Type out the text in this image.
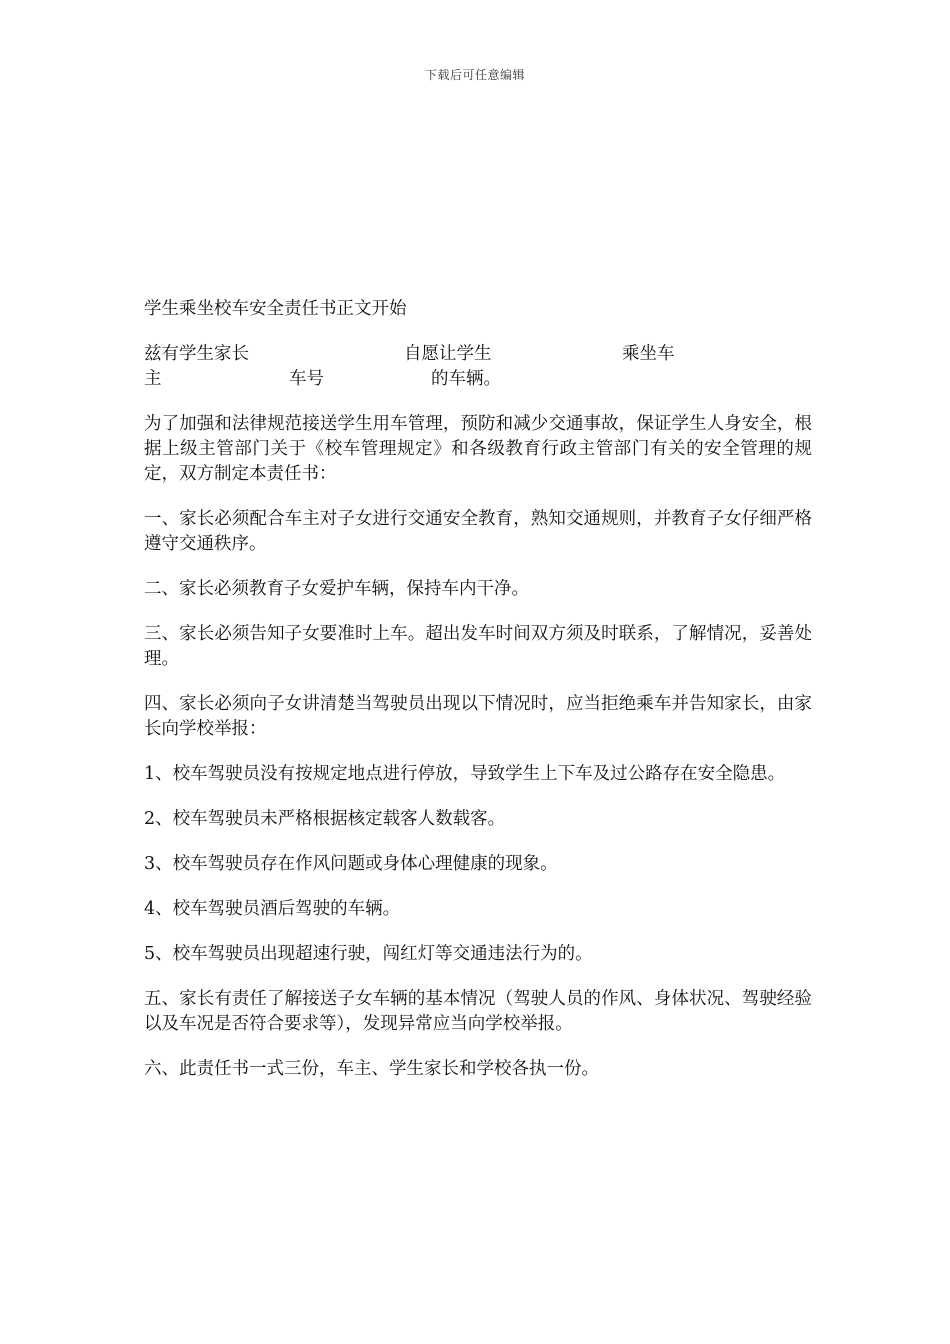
下载后可任意编辑

学生乘坐校车安全责任书正文开始

兹有学生家长	自愿让学生	乘坐车
主	车号	的车辆。

为了加强和法律规范接送学生用车管理，预防和减少交通事故，保证学生人身安全，根据上级主管部门关于《校车管理规定》和各级教育行政主管部门有关的安全管理的规定，双方制定本责任书：

一、家长必须配合车主对子女进行交通安全教育，熟知交通规则，并教育子女仔细严格遵守交通秩序。

二、家长必须教育子女爱护车辆，保持车内干净。

三、家长必须告知子女要准时上车。超出发车时间双方须及时联系，了解情况，妥善处理。

四、家长必须向子女讲清楚当驾驶员出现以下情况时，应当拒绝乘车并告知家长，由家长向学校举报：

1、校车驾驶员没有按规定地点进行停放，导致学生上下车及过公路存在安全隐患。

2、校车驾驶员未严格根据核定载客人数载客。

3、校车驾驶员存在作风问题或身体心理健康的现象。

4、校车驾驶员酒后驾驶的车辆。

5、校车驾驶员出现超速行驶，闯红灯等交通违法行为的。

五、家长有责任了解接送子女车辆的基本情况（驾驶人员的作风、身体状况、驾驶经验以及车况是否符合要求等），发现异常应当向学校举报。

六、此责任书一式三份，车主、学生家长和学校各执一份。
